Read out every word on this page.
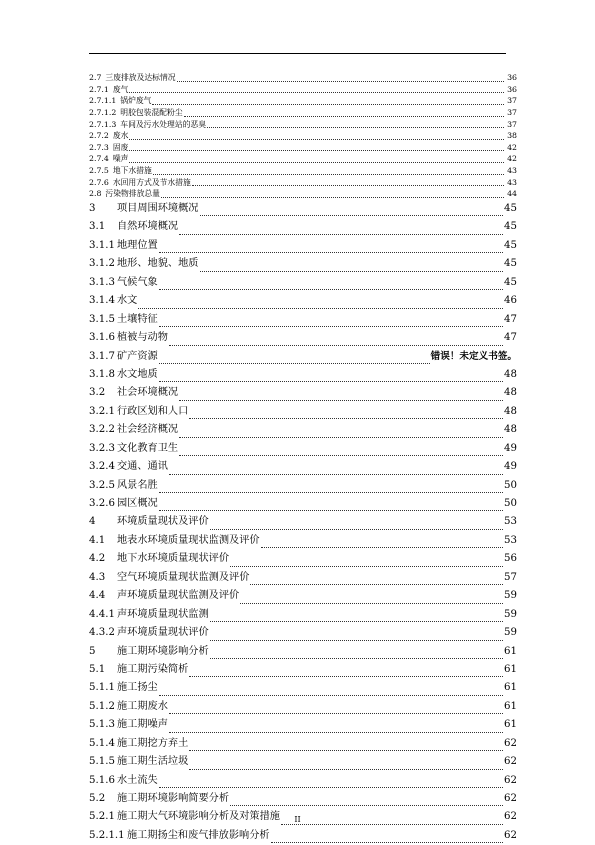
2.7 三废排放及达标情况	36
2.7.1 废气	36
2.7.1.1 锅炉废气	37
2.7.1.2 明胶包装混配粉尘	37
2.7.1.3 车间及污水处理站的恶臭	37
2.7.2 废水	38
2.7.3 固废	42
2.7.4 噪声	42
2.7.5 地下水措施	43
2.7.6 水回用方式及节水措施	43
2.8 污染物排放总量	44
3	项目周围环境概况	45
3.1	自然环境概况	45
3.1.1 地理位置	45
3.1.2 地形、地貌、地质	45
3.1.3 气候气象	45
3.1.4 水文	46
3.1.5 土壤特征	47
3.1.6 植被与动物	47
3.1.7 矿产资源	错误！未定义书签。
3.1.8 水文地质	48
3.2	社会环境概况	48
3.2.1 行政区划和人口	48
3.2.2 社会经济概况	48
3.2.3 文化教育卫生	49
3.2.4 交通、通讯	49
3.2.5 风景名胜	50
3.2.6 园区概况	50
4	环境质量现状及评价	53
4.1	地表水环境质量现状监测及评价	53
4.2	地下水环境质量现状评价	56
4.3	空气环境质量现状监测及评价	57
4.4	声环境质量现状监测及评价	59
4.4.1 声环境质量现状监测	59
4.3.2 声环境质量现状评价	59
5	施工期环境影响分析	61
5.1	施工期污染简析	61
5.1.1 施工扬尘	61
5.1.2 施工期废水	61
5.1.3 施工期噪声	61
5.1.4 施工期挖方弃土	62
5.1.5 施工期生活垃圾	62
5.1.6 水土流失	62
5.2	施工期环境影响简要分析	62
5.2.1 施工期大气环境影响分析及对策措施	62
5.2.1.1 施工期扬尘和废气排放影响分析	62
II
